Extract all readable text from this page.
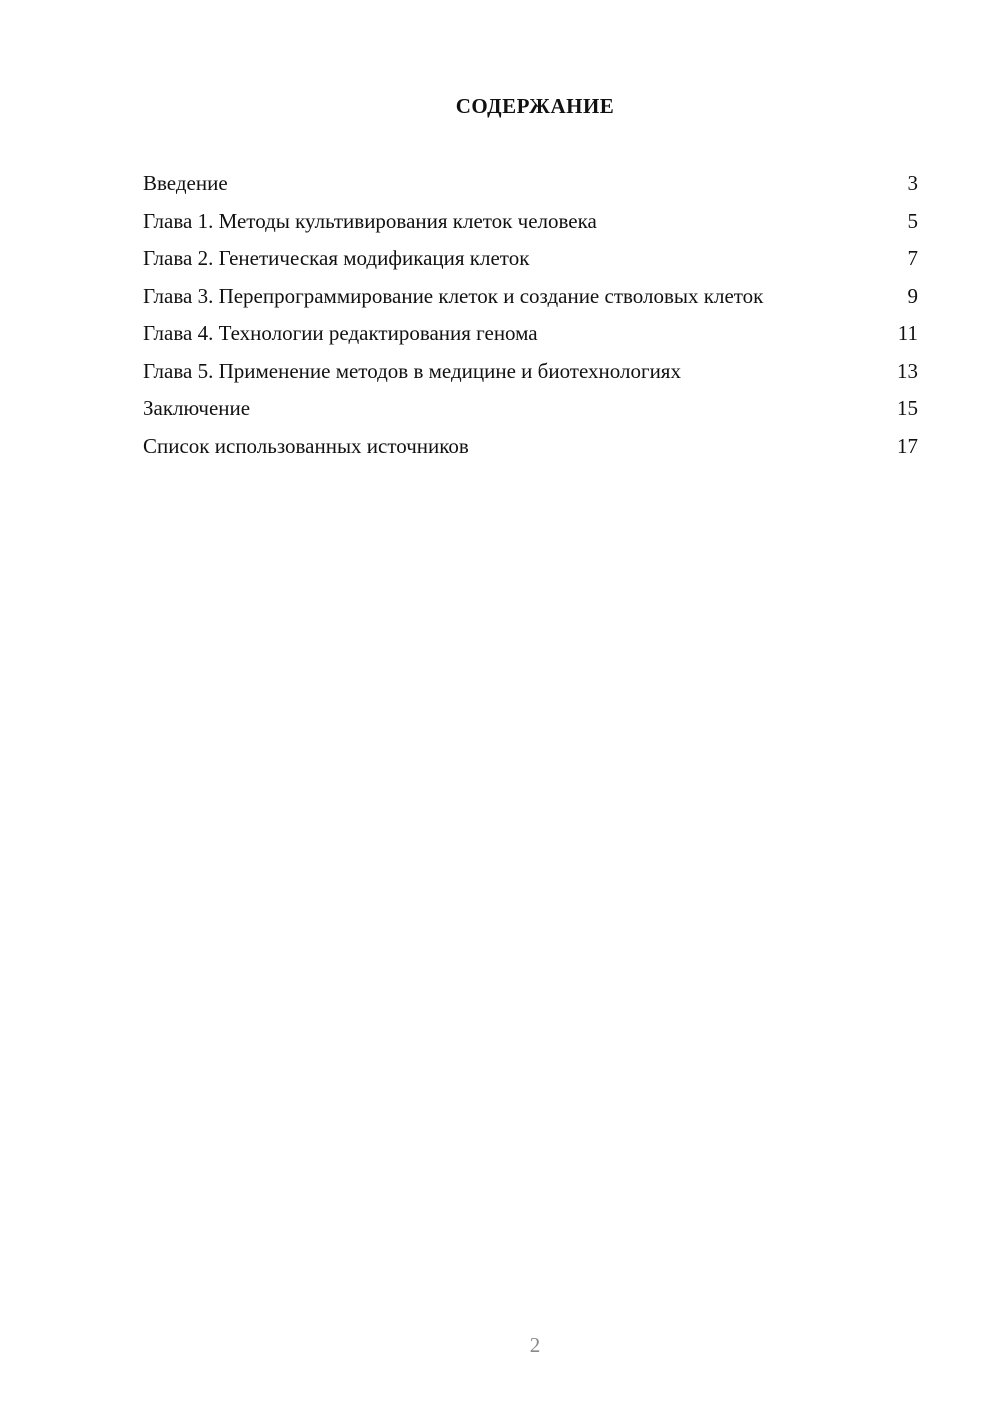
СОДЕРЖАНИЕ
Введение	3
Глава 1. Методы культивирования клеток человека	5
Глава 2. Генетическая модификация клеток	7
Глава 3. Перепрограммирование клеток и создание стволовых клеток	9
Глава 4. Технологии редактирования генома	11
Глава 5. Применение методов в медицине и биотехнологиях	13
Заключение	15
Список использованных источников	17
2
